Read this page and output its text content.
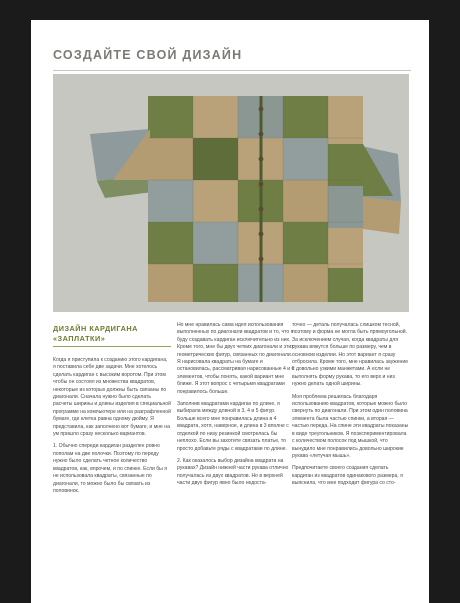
СОЗДАЙТЕ СВОЙ ДИЗАЙН
ДИЗАЙН КАРДИГАНА
«ЗАПЛАТКИ»

Когда я приступила к созданию этого кардигана, я поставила себе две задачи. Мне хотелось сделать кардиган с высоким воротом. При этом чтобы он состоял из множества квадратов, некоторые из которых должны быть связаны по диагонали. Сначала нужно было сделать расчеты ширины и длины изделия в специальной программе на компьютере или на разграфленной бумаге, где клетка равна одному дюйму. Я представила, как заполнено вот бумаге, и мне на ум пришло сразу несколько вариантов.

1. Обычно спереди кардиган разделен ровно пополам на две полочки. Поэтому по переду нужно было сделать четное количество квадратов, как, впрочем, и по спинке. Если бы я не использовала квадраты, связанные по диагонали, то можно было бы связать из половинок.

Но мне нравилась сама идея использования выполненных по диагонали квадратов и то, что я буду создавать кардиган исключительно из них. Кроме того, мне бы двух четких диагонали и этих геометрических фигур, связанных по диагонали. Я нарисовала квадраты на бумаге и остановилась, рассматривая нарисованные 4 и 6 элементов, чтобы понять, какой вариант мне ближе. Я этот вопрос с четырьмя квадратами понравилось больше.

Заполнив квадратами кардиган по длине, я выбирала между длиной в 3, 4 и 5 фигур. Больше всего мне понравилась длина в 4 квадрата, хотя, наверное, и длина в 3 вполне с отделкой по низу резинкой смотрелась бы неплохо. Если вы захотите связать платье, то просто добавьте ряды с квадратами по длине.

2. Как оказалось выбор дизайна квадрата на рукавах? Дизайн нижней части рукава отлично получалась из двух квадратов. Но в верхней части двух фигур явно было недоста-

точно — деталь получалась слишком тесной, поэтому и форма не могла быть прямоугольной. За исключением случая, когда квадраты для рукава вяжутся больше по размеру, чем в основном изделии. Но этот вариант я сразу отбросила. Кроме того, мне нравилась заужение с довольно узкими манжетами. А если не выполнять форму рукава, то его верх и низ нужно делать одной ширины.

Моя проблема решилась благодаря использованию квадратов, которые можно было свернуть по диагонали. При этом один половина элемента была частью спинки, а вторая — частью переда. На спине эти квадраты показаны в виде треугольников. Я поэкспериментировала с количеством полосок под мышкой, что вынудило мне понравились довольно широкие рукава «летучая мышь».

Предпочитаете своего создания сделать кардиган из квадратов одинакового размера, я выяснила, что мне подходит фигура со сто-
